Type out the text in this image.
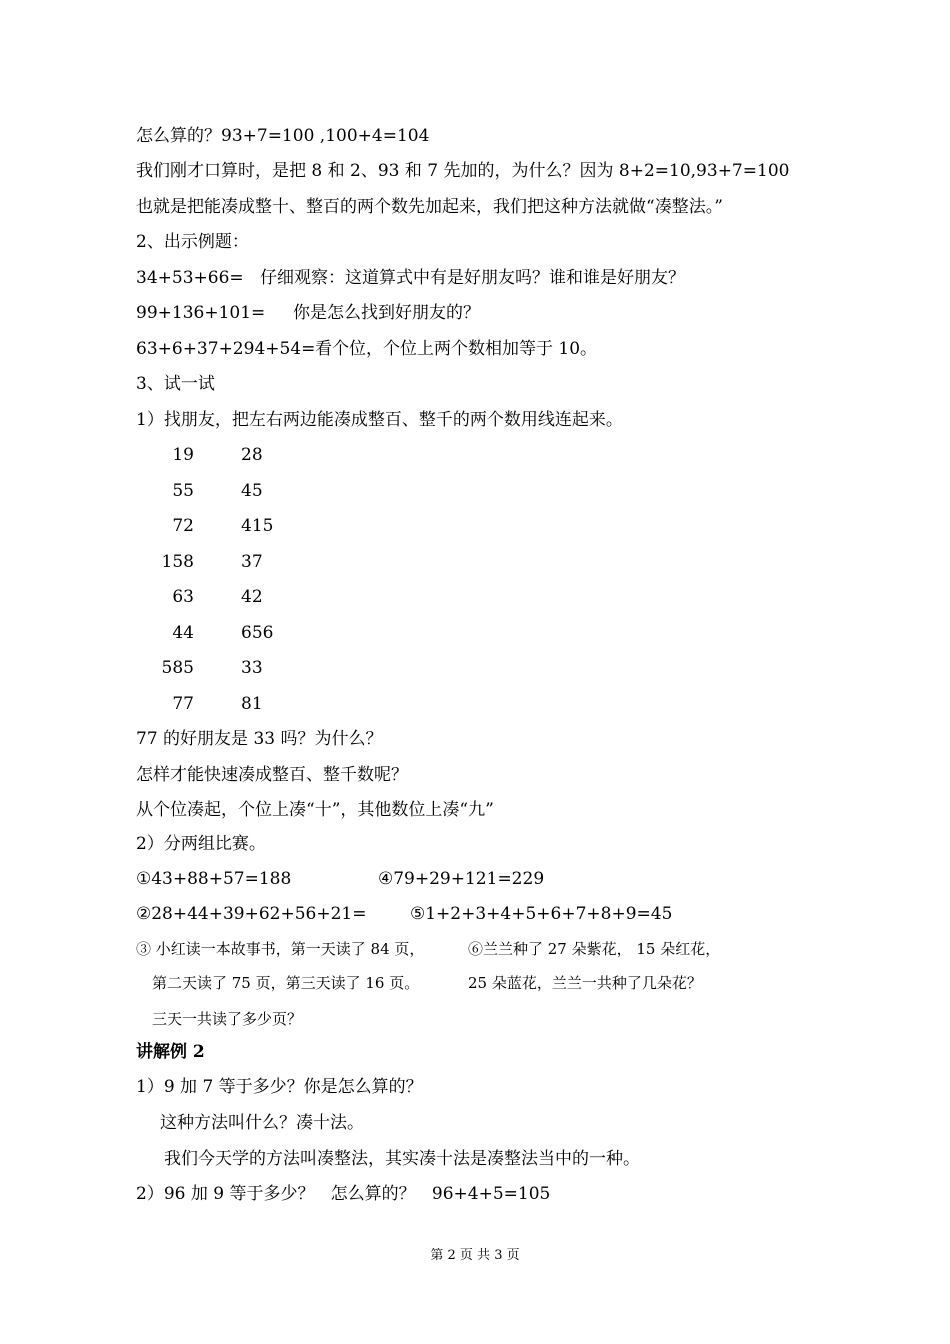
怎么算的？93+7=100 ,100+4=104
我们刚才口算时，是把 8 和 2、93 和 7 先加的，为什么？因为 8+2=10,93+7=100
也就是把能凑成整十、整百的两个数先加起来，我们把这种方法就做“凑整法。”
2、出示例题：
34+53+66= 仔细观察：这道算式中有是好朋友吗？谁和谁是好朋友？
99+136+101= 你是怎么找到好朋友的？
63+6+37+294+54= 看个位，个位上两个数相加等于 10。
3、试一试
1）找朋友，把左右两边能凑成整百、整千的两个数用线连起来。
19	28
55	45
72	415
158	37
63	42
44	656
585	33
77	81
77 的好朋友是 33 吗？为什么？
怎样才能快速凑成整百、整千数呢？
从个位凑起，个位上凑“十”，其他数位上凑“九”
2）分两组比赛。
①43+88+57=188	④79+29+121=229
②28+44+39+62+56+21=	⑤1+2+3+4+5+6+7+8+9=45
③ 小红读一本故事书，第一天读了 84 页，	⑥兰兰种了 27 朵紫花， 15 朵红花，
第二天读了 75 页，第三天读了 16 页。	25 朵蓝花，兰兰一共种了几朵花？
三天一共读了多少页？
讲解例 2
1）9 加 7 等于多少？你是怎么算的？
这种方法叫什么？凑十法。
我们今天学的方法叫凑整法，其实凑十法是凑整法当中的一种。
2）96 加 9 等于多少？   怎么算的？   96+4+5=105
第 2 页 共 3 页
